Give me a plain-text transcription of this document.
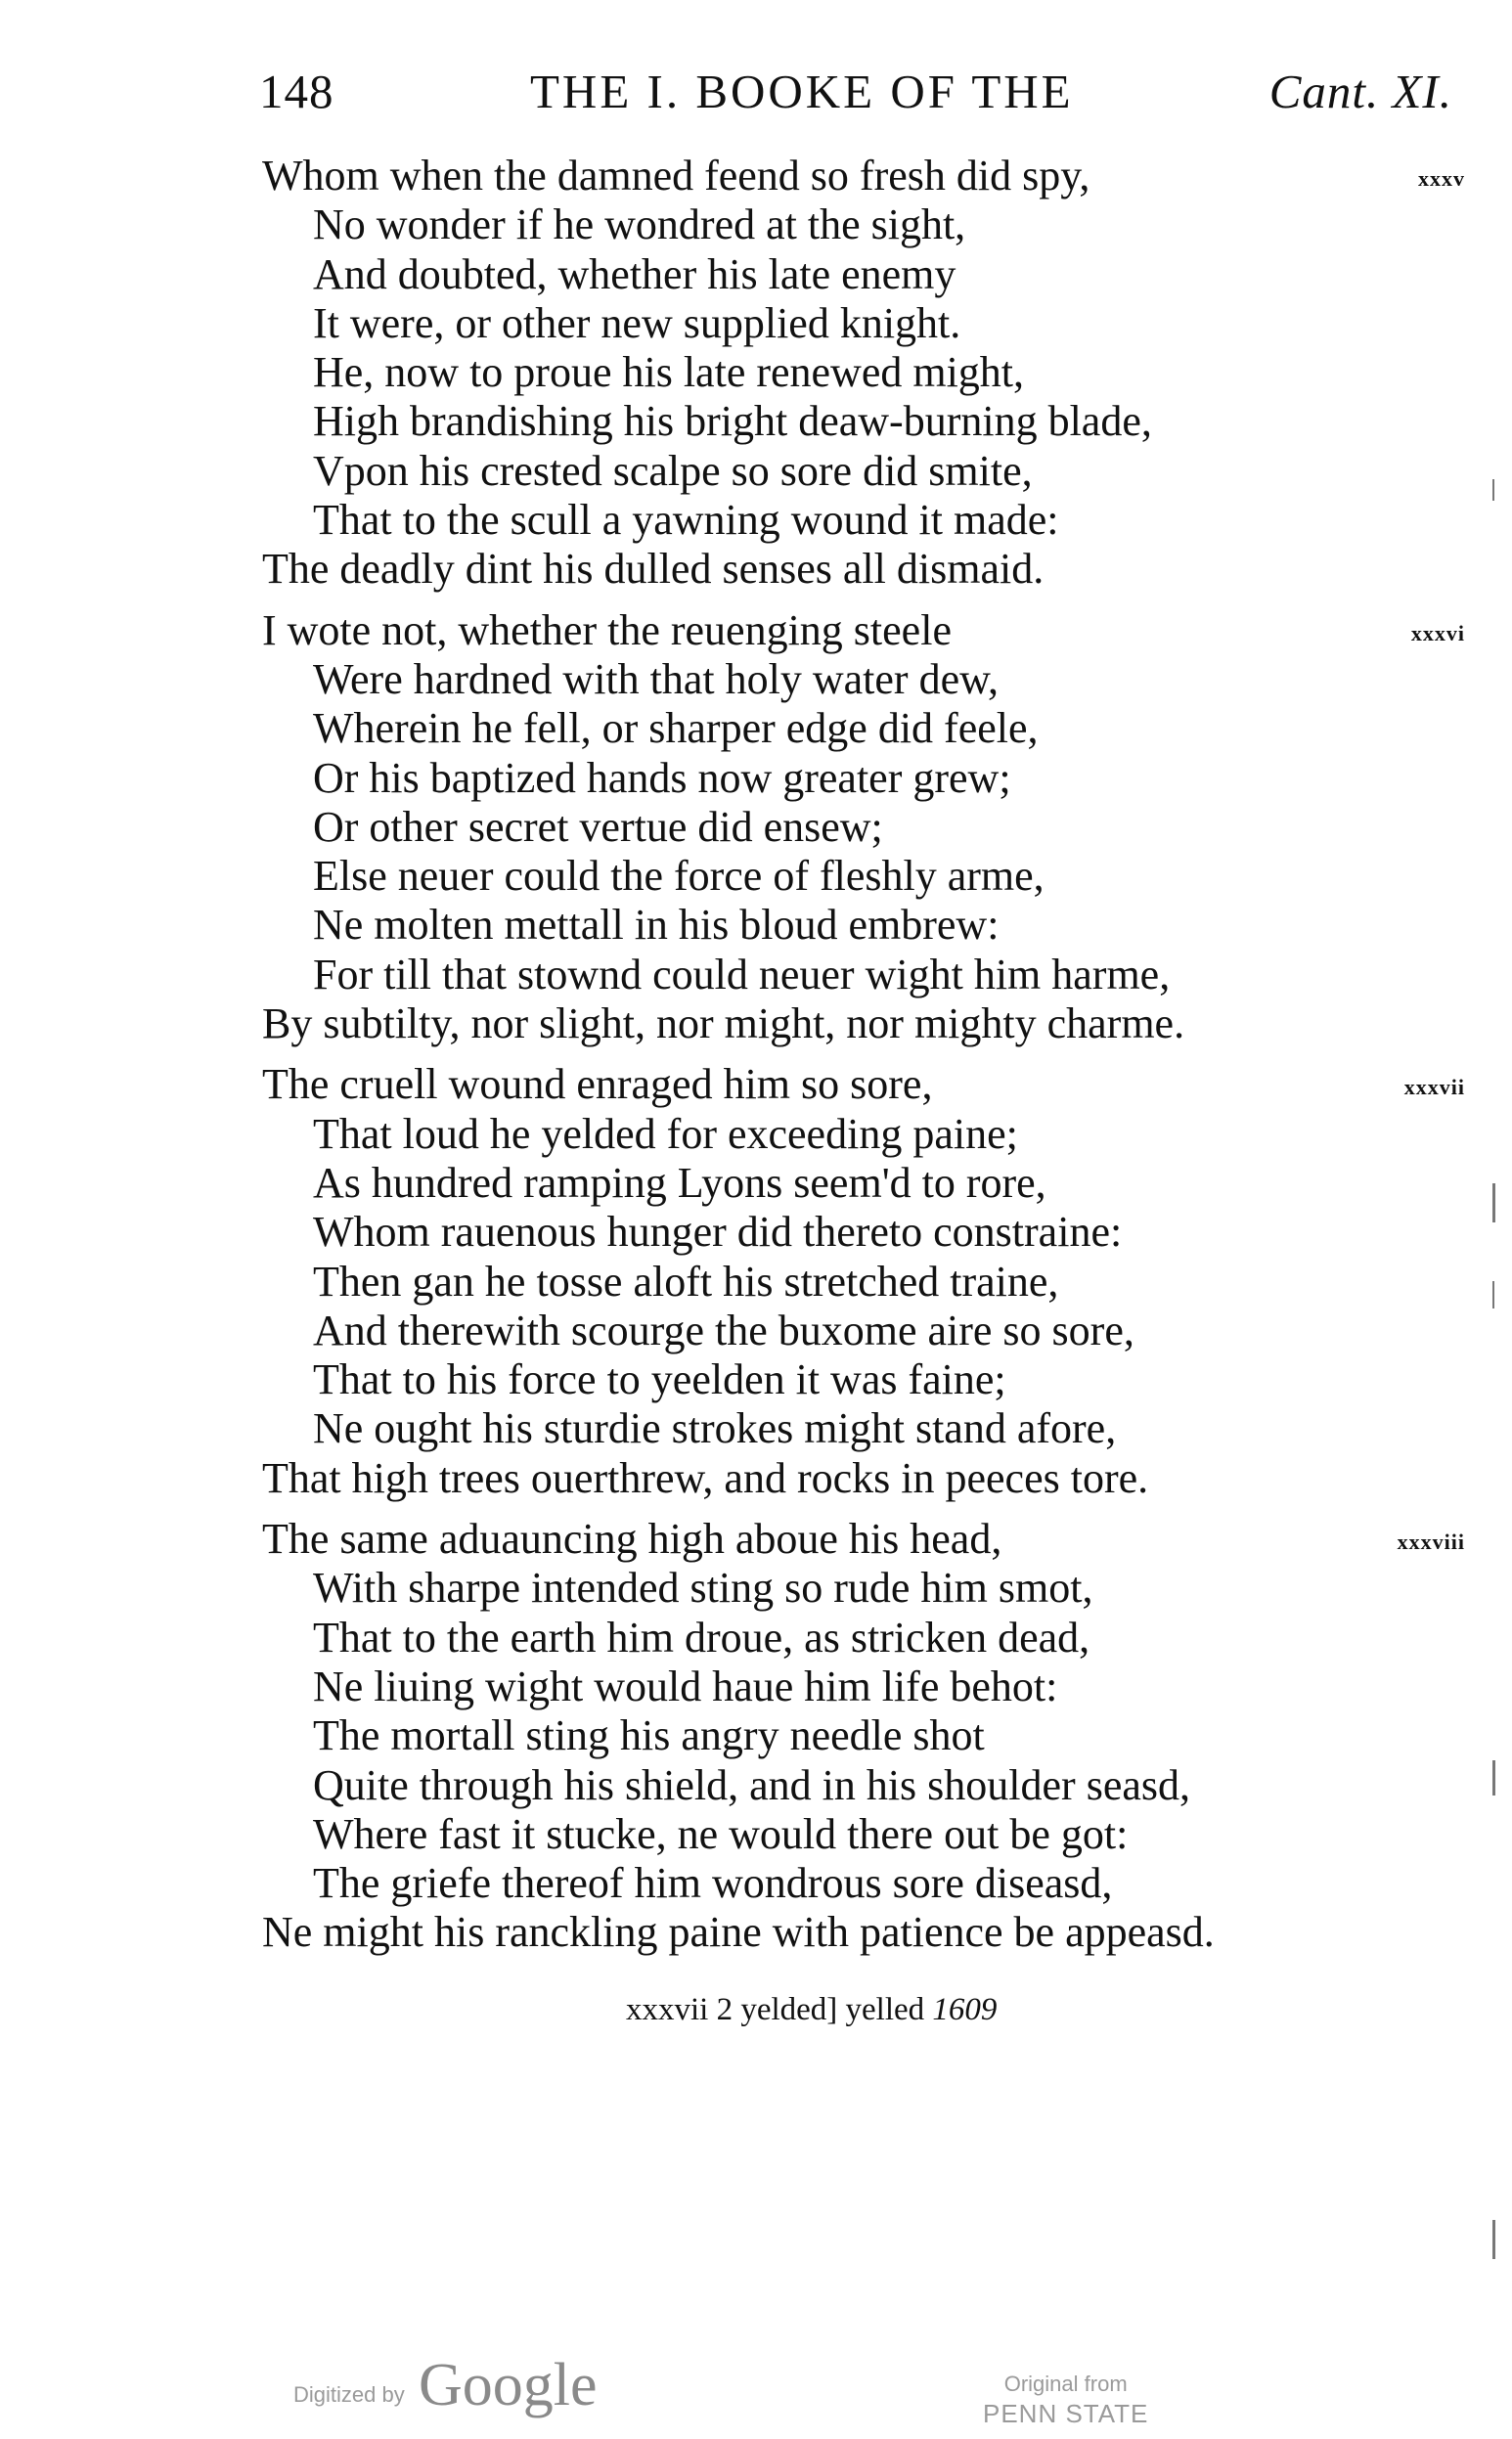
148	THE I. BOOKE OF THE	Cant. XI.
xxxv
Whom when the damned feend so fresh did spy,
No wonder if he wondred at the sight,
And doubted, whether his late enemy
It were, or other new supplied knight.
He, now to proue his late renewed might,
High brandishing his bright deaw-burning blade,
Vpon his crested scalpe so sore did smite,
That to the scull a yawning wound it made:
The deadly dint his dulled senses all dismaid.
xxxvi
I wote not, whether the reuenging steele
Were hardned with that holy water dew,
Wherein he fell, or sharper edge did feele,
Or his baptized hands now greater grew;
Or other secret vertue did ensew;
Else neuer could the force of fleshly arme,
Ne molten mettall in his bloud embrew:
For till that stownd could neuer wight him harme,
By subtilty, nor slight, nor might, nor mighty charme.
xxxvii
The cruell wound enraged him so sore,
That loud he yelded for exceeding paine;
As hundred ramping Lyons seem'd to rore,
Whom rauenous hunger did thereto constraine:
Then gan he tosse aloft his stretched traine,
And therewith scourge the buxome aire so sore,
That to his force to yeelden it was faine;
Ne ought his sturdie strokes might stand afore,
That high trees ouerthrew, and rocks in peeces tore.
xxxviii
The same aduauncing high aboue his head,
With sharpe intended sting so rude him smot,
That to the earth him droue, as stricken dead,
Ne liuing wight would haue him life behot:
The mortall sting his angry needle shot
Quite through his shield, and in his shoulder seasd,
Where fast it stucke, ne would there out be got:
The griefe thereof him wondrous sore diseasd,
Ne might his ranckling paine with patience be appeasd.
xxxvii 2 yelded] yelled 1609
Digitized by Google	Original from
PENN STATE
